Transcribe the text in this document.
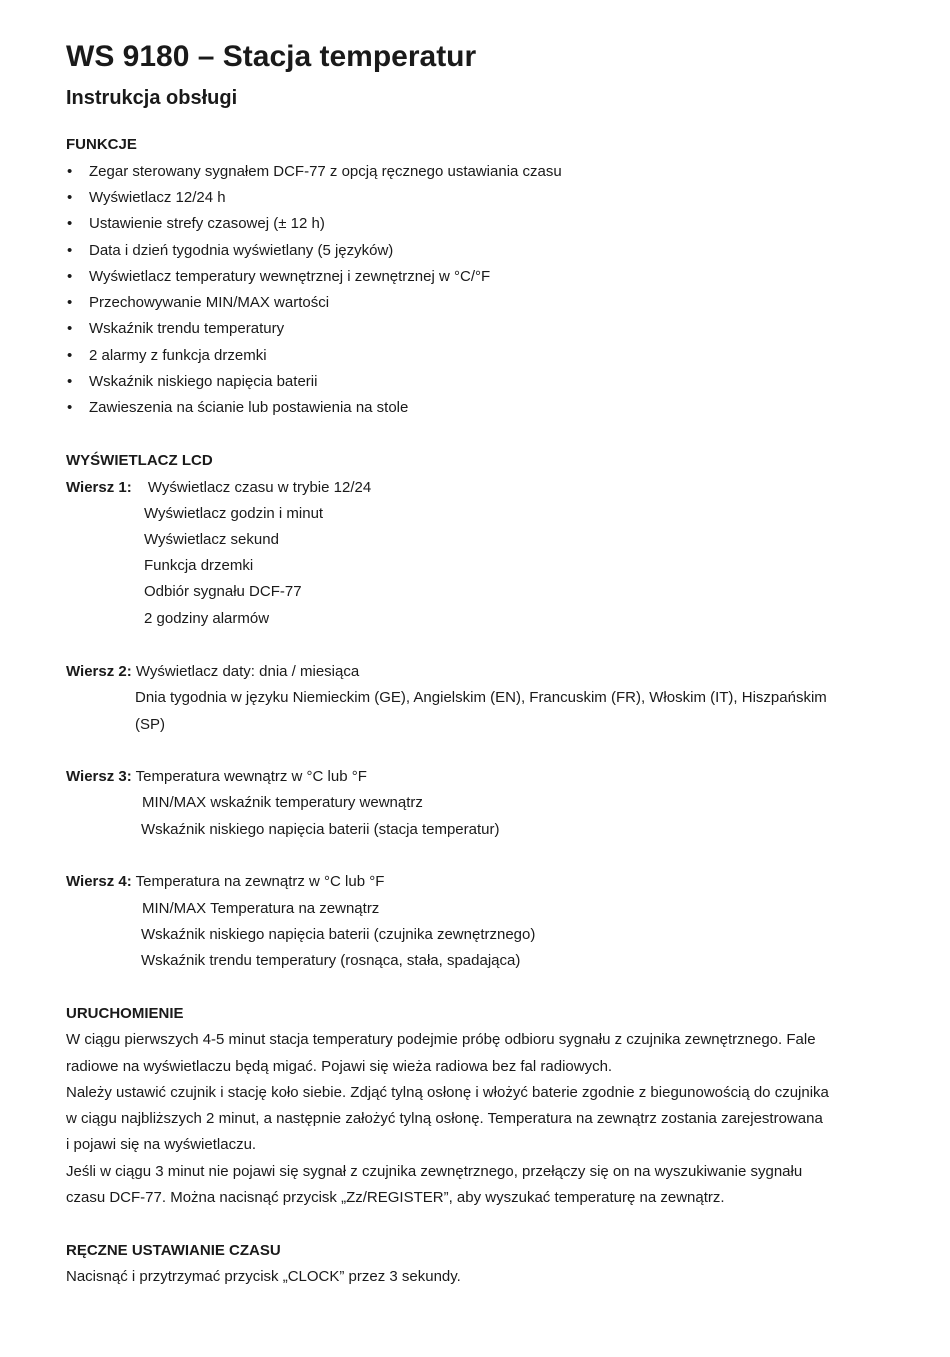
WS 9180 – Stacja temperatur
Instrukcja obsługi
FUNKCJE
• Zegar sterowany sygnałem DCF-77 z opcją ręcznego ustawiania czasu
• Wyświetlacz 12/24 h
• Ustawienie strefy czasowej (± 12 h)
• Data i dzień tygodnia wyświetlany (5 języków)
• Wyświetlacz temperatury wewnętrznej i zewnętrznej w °C/°F
• Przechowywanie MIN/MAX wartości
• Wskaźnik trendu temperatury
• 2 alarmy z funkcja drzemki
• Wskaźnik niskiego napięcia baterii
• Zawieszenia na ścianie lub postawienia na stole
WYŚWIETLACZ LCD
Wiersz 1: Wyświetlacz czasu w trybie 12/24
Wyświetlacz godzin i minut
Wyświetlacz sekund
Funkcja drzemki
Odbiór sygnału DCF-77
2 godziny alarmów
Wiersz 2: Wyświetlacz daty: dnia / miesiąca
Dnia tygodnia w języku Niemieckim (GE), Angielskim (EN), Francuskim (FR), Włoskim (IT), Hiszpańskim
(SP)
Wiersz 3: Temperatura wewnątrz w °C lub °F
MIN/MAX wskaźnik temperatury wewnątrz
Wskaźnik niskiego napięcia baterii (stacja temperatur)
Wiersz 4: Temperatura na zewnątrz w °C lub °F
MIN/MAX Temperatura na zewnątrz
Wskaźnik niskiego napięcia baterii (czujnika zewnętrznego)
Wskaźnik trendu temperatury (rosnąca, stała, spadająca)
URUCHOMIENIE
W ciągu pierwszych 4-5 minut stacja temperatury podejmie próbę odbioru sygnału z czujnika zewnętrznego. Fale
radiowe na wyświetlaczu będą migać. Pojawi się wieża radiowa bez fal radiowych.
Należy ustawić czujnik i stację koło siebie. Zdjąć tylną osłonę i włożyć baterie zgodnie z biegunowością do czujnika
w ciągu najbliższych 2 minut, a następnie założyć tylną osłonę. Temperatura na zewnątrz zostania zarejestrowana
i pojawi się na wyświetlaczu.
Jeśli w ciągu 3 minut nie pojawi się sygnał z czujnika zewnętrznego, przełączy się on na wyszukiwanie sygnału
czasu DCF-77. Można nacisnąć przycisk „Zz/REGISTER”, aby wyszukać temperaturę na zewnątrz.
RĘCZNE USTAWIANIE CZASU
Nacisnąć i przytrzymać przycisk „CLOCK” przez 3 sekundy.
